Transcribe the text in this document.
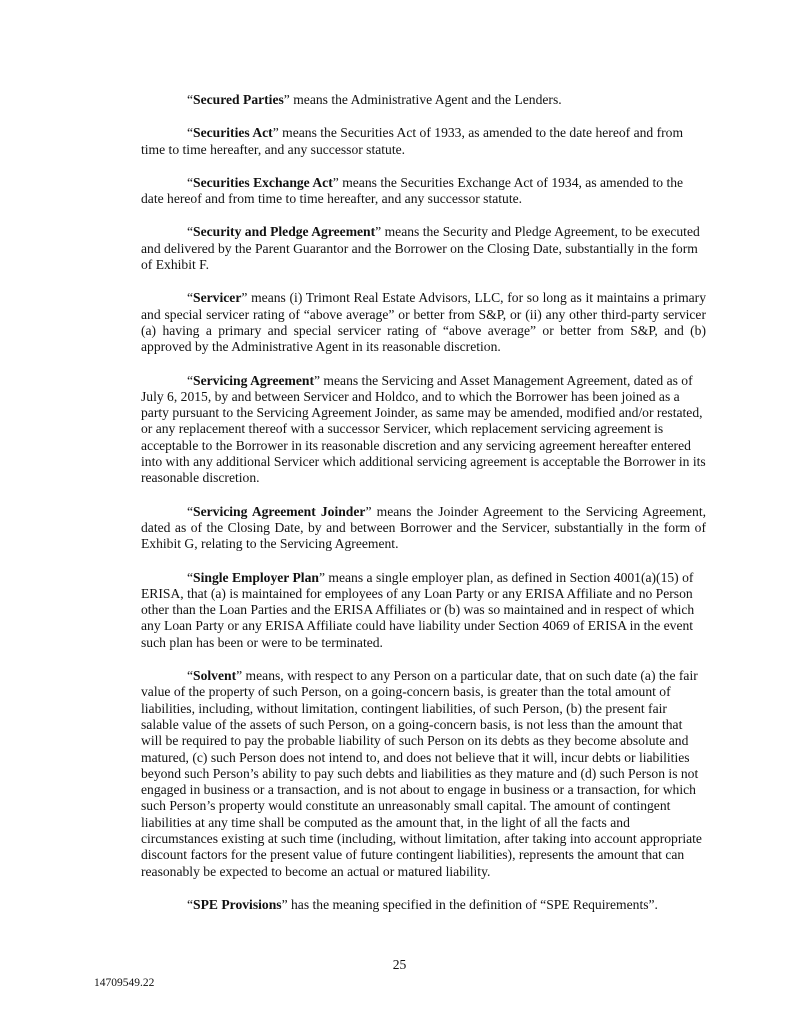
“Secured Parties” means the Administrative Agent and the Lenders.

“Securities Act” means the Securities Act of 1933, as amended to the date hereof and from time to time hereafter, and any successor statute.

“Securities Exchange Act” means the Securities Exchange Act of 1934, as amended to the date hereof and from time to time hereafter, and any successor statute.

“Security and Pledge Agreement” means the Security and Pledge Agreement, to be executed and delivered by the Parent Guarantor and the Borrower on the Closing Date, substantially in the form of Exhibit F.

“Servicer” means (i) Trimont Real Estate Advisors, LLC, for so long as it maintains a primary and special servicer rating of “above average” or better from S&P, or (ii) any other third-party servicer (a) having a primary and special servicer rating of “above average” or better from S&P, and (b) approved by the Administrative Agent in its reasonable discretion.

“Servicing Agreement” means the Servicing and Asset Management Agreement, dated as of July 6, 2015, by and between Servicer and Holdco, and to which the Borrower has been joined as a party pursuant to the Servicing Agreement Joinder, as same may be amended, modified and/or restated, or any replacement thereof with a successor Servicer, which replacement servicing agreement is acceptable to the Borrower in its reasonable discretion and any servicing agreement hereafter entered into with any additional Servicer which additional servicing agreement is acceptable the Borrower in its reasonable discretion.

“Servicing Agreement Joinder” means the Joinder Agreement to the Servicing Agreement, dated as of the Closing Date, by and between Borrower and the Servicer, substantially in the form of Exhibit G, relating to the Servicing Agreement.

“Single Employer Plan” means a single employer plan, as defined in Section 4001(a)(15) of ERISA, that (a) is maintained for employees of any Loan Party or any ERISA Affiliate and no Person other than the Loan Parties and the ERISA Affiliates or (b) was so maintained and in respect of which any Loan Party or any ERISA Affiliate could have liability under Section 4069 of ERISA in the event such plan has been or were to be terminated.

“Solvent” means, with respect to any Person on a particular date, that on such date (a) the fair value of the property of such Person, on a going-concern basis, is greater than the total amount of liabilities, including, without limitation, contingent liabilities, of such Person, (b) the present fair salable value of the assets of such Person, on a going-concern basis, is not less than the amount that will be required to pay the probable liability of such Person on its debts as they become absolute and matured, (c) such Person does not intend to, and does not believe that it will, incur debts or liabilities beyond such Person’s ability to pay such debts and liabilities as they mature and (d) such Person is not engaged in business or a transaction, and is not about to engage in business or a transaction, for which such Person’s property would constitute an unreasonably small capital. The amount of contingent liabilities at any time shall be computed as the amount that, in the light of all the facts and circumstances existing at such time (including, without limitation, after taking into account appropriate discount factors for the present value of future contingent liabilities), represents the amount that can reasonably be expected to become an actual or matured liability.

“SPE Provisions” has the meaning specified in the definition of “SPE Requirements”.

25
14709549.22
